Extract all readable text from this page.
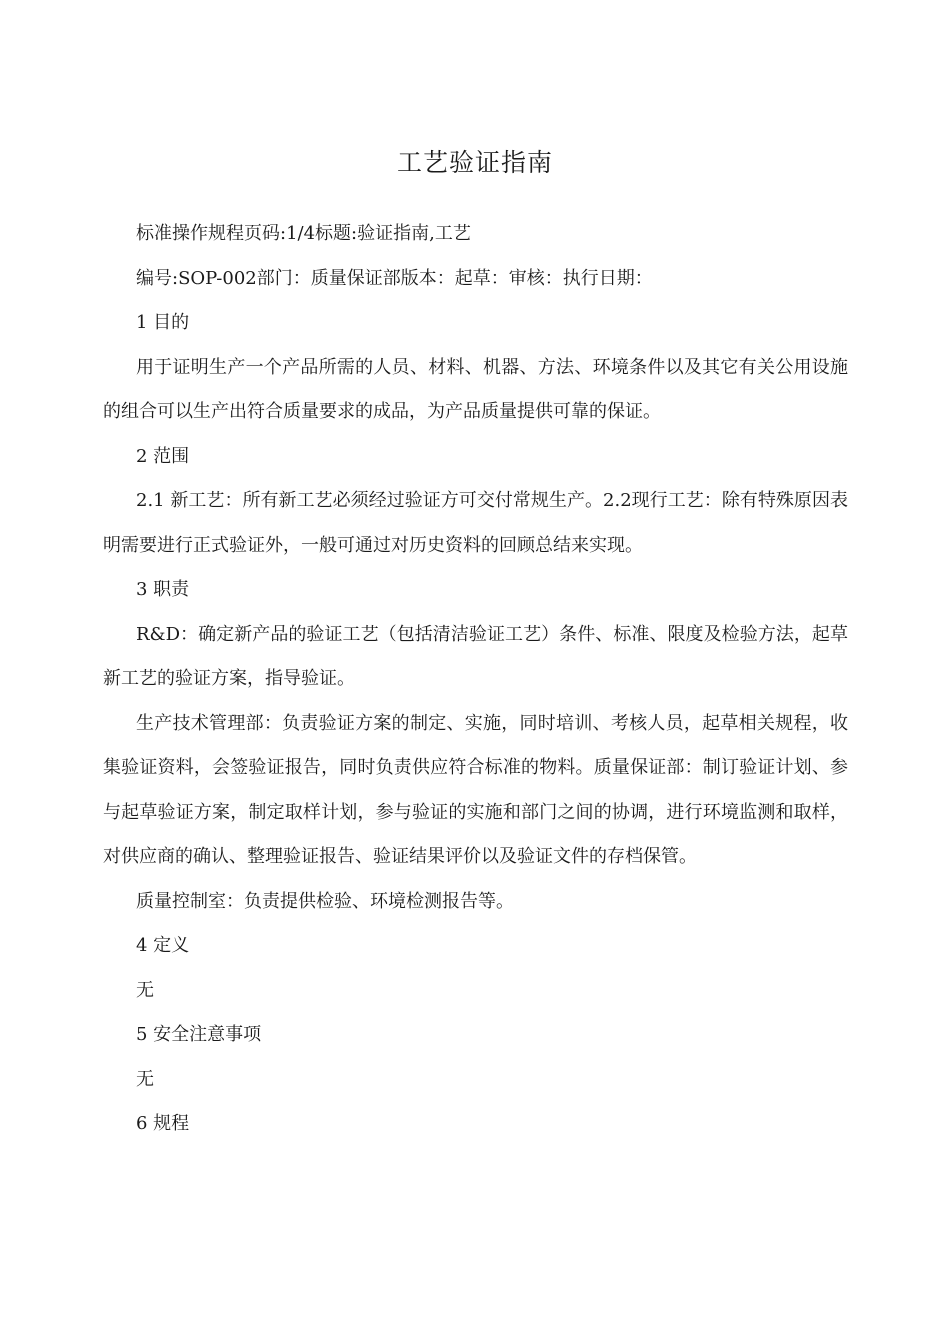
工艺验证指南

标准操作规程页码:1/4标题:验证指南,工艺

编号:SOP-002部门：质量保证部版本：起草：审核：执行日期：

1 目的

用于证明生产一个产品所需的人员、材料、机器、方法、环境条件以及其它有关公用设施的组合可以生产出符合质量要求的成品，为产品质量提供可靠的保证。

2 范围

2.1 新工艺：所有新工艺必须经过验证方可交付常规生产。2.2现行工艺：除有特殊原因表明需要进行正式验证外，一般可通过对历史资料的回顾总结来实现。

3 职责

R&D：确定新产品的验证工艺（包括清洁验证工艺）条件、标准、限度及检验方法，起草新工艺的验证方案，指导验证。

生产技术管理部：负责验证方案的制定、实施，同时培训、考核人员，起草相关规程，收集验证资料，会签验证报告，同时负责供应符合标准的物料。质量保证部：制订验证计划、参与起草验证方案，制定取样计划，参与验证的实施和部门之间的协调，进行环境监测和取样，对供应商的确认、整理验证报告、验证结果评价以及验证文件的存档保管。

质量控制室：负责提供检验、环境检测报告等。

4 定义

无

5 安全注意事项

无

6 规程
